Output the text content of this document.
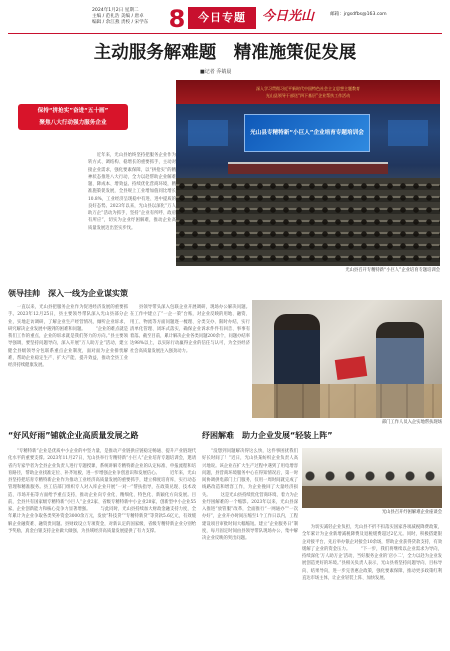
2024年1月2日 星期二
主编 / 范礼浩 美编 / 唐卓
编辑 / 余江燕 责校 / 宋学东 8	今日专题	今日光山	邮箱：jrgsdfbs@163.com
主动服务解难题　精准施策促发展
■记者 乔婧晨
保持“拼抢实”奋进“五十画”
聚焦八大行动强力服务企业
　　近年来，光山县始终坚持把服务企业作为转方式、调结构、稳增长的重要抓手，主动对接企业需求，强化要素保障，以“拼抢实”的精神状态推进八大行动，全力以赴帮助企业解难题、降成本、增效益。持续优化营商环境，精准施策促发展，全县规上工业增加值同比增长10.8%，工业经济呈现稳中有进、进中提质的良好态势。2023年以来，光山县以深化“万人助万企”活动为抓手，坚持“企业有所呼、政府有所应”，切实为企业纾困解难，推动企业高质量发展迈出坚实步伐。
深入学习贯彻习近平新时代中国特色社会主义思想主题教育
光山县领导干部送“四下基层”企业帮扶工作活动
光山县专精特新“小巨人”企业培育专题培训会
光山县召开专精特新“小巨人”企业培育专题培训会
领导挂帅　深入一线为企业谋实策
　　一直以来，光山县把服务企业作为促进经济发展的重要抓手。2023年12月25日，县主要领导带队深入光山县部分企业，实地走访调研，了解企业生产经营情况，倾听企业诉求，研究解决企业发展中遇到的困难和问题。 　　“企业的难点就是我们工作的重点，企业的诉求就是我们努力的方向。”县主要领导强调，要坚持问题导向，深入开展“万人助万企”活动，建立健全县级领导分包联系重点企业制度，面对面为企业排忧解难，帮助企业稳定生产、扩大产能、提升效益，推动全县工业经济持续健康发展。
　　县领导带头深入包联企业开展调研，现场办公解决问题。在工作中建立了“一企一策”台账，对企业反映的用地、融资、用工、物流等方面问题逐一梳理、分类交办、限时办结，实行清单化管理、闭环式落实，确保企业诉求件件有回音、事事有着落。截至目前，累计解决企业各类问题200余个，问题办结率达98%以上，以实际行动赢得企业的信任与认可，为全县经济社会高质量发展注入强劲动力。
部门工作人员入企实地帮扶现场
“好风好雨”铺就企业高质量发展之路
　　“专精特新”企业是优质中小企业的中坚力量，是推动产业链供应链稳定畅通、提升产业链现代化水平的重要支撑。2023年11月27日，光山县举行专精特新“小巨人”企业培育专题培训会，邀请省内专家学者为全县企业负责人进行专题授课，系统讲解专精特新企业的认定标准、申报流程和培育路径，帮助企业找准定位、补齐短板，进一步增强企业争创意识和发展信心。 　　近年来，光山县坚持把培育专精特新企业作为推动工业经济高质量发展的重要抓手，建立梯度培育库，实行动态管理和精准服务。县工信部门组织专人对入库企业开展“一对一”帮扶指导，在政策兑现、技术改造、市场开拓等方面给予重点支持，推动企业向专业化、精细化、特色化、新颖化方向发展。目前，全县共有国家级专精特新“小巨人”企业2家、省级专精特新中小企业20家，创新型中小企业55家，企业创新能力和核心竞争力显著增强。 　　与此同时，光山县持续加大财政金融支持力度，全年累计为企业争取各类奖补资金3000余万元，发放“科技贷”“专精特新贷”等贷款5.6亿元，有效缓解企业融资难、融资贵问题。县财政设立专项资金，对新认定的国家级、省级专精特新企业分别给予奖励，真金白银支持企业做大做强，为县域经济高质量发展提供了有力支撑。
纾困解难　助力企业发展“轻装上阵”
　　“没想到问题解决得这么快，这件事困扰我们好长时间了！”近日，光山县某纺织企业负责人高兴地说。该企业在扩大生产过程中遇到了用电增容问题，县营商环境服务中心在得知情况后，第一时间协调供电部门上门服务，仅用一周时间就完成了线路改造和增容工作，为企业挽回了大量经济损失。 　　这是光山县持续优化营商环境、着力为企业纾困解难的一个缩影。2023年以来，光山县深入推进“放管服”改革，全面推行“一网通办”“一次办好”，企业开办时间压缩至1个工作日以内，工程建设项目审批时间大幅缩短。建立“企业服务日”制度，每月固定时间由县领导带队现场办公，集中解决企业反映的突出问题。
　　为切实减轻企业负担，光山县不折不扣落实国家各项减税降费政策，全年累计为企业新增减税降费及退税缓费超过2亿元。同时，积极搭建银企对接平台，先后举办银企对接会10余场，帮助企业获得贷款支持，有效缓解了企业的资金压力。 　　“下一步，我们将继续以企业需求为导向，持续深化‘万人助万企’活动，当好服务企业的‘店小二’，全力以赴为企业发展创造更好的环境。”县相关负责人表示，光山县将坚持问题导向、目标导向、结果导向，进一步完善惠企政策，强化要素保障，推动更多政策红利直达市场主体，让企业轻装上阵、加快发展。
光山县召开纾困解难企业座谈会
